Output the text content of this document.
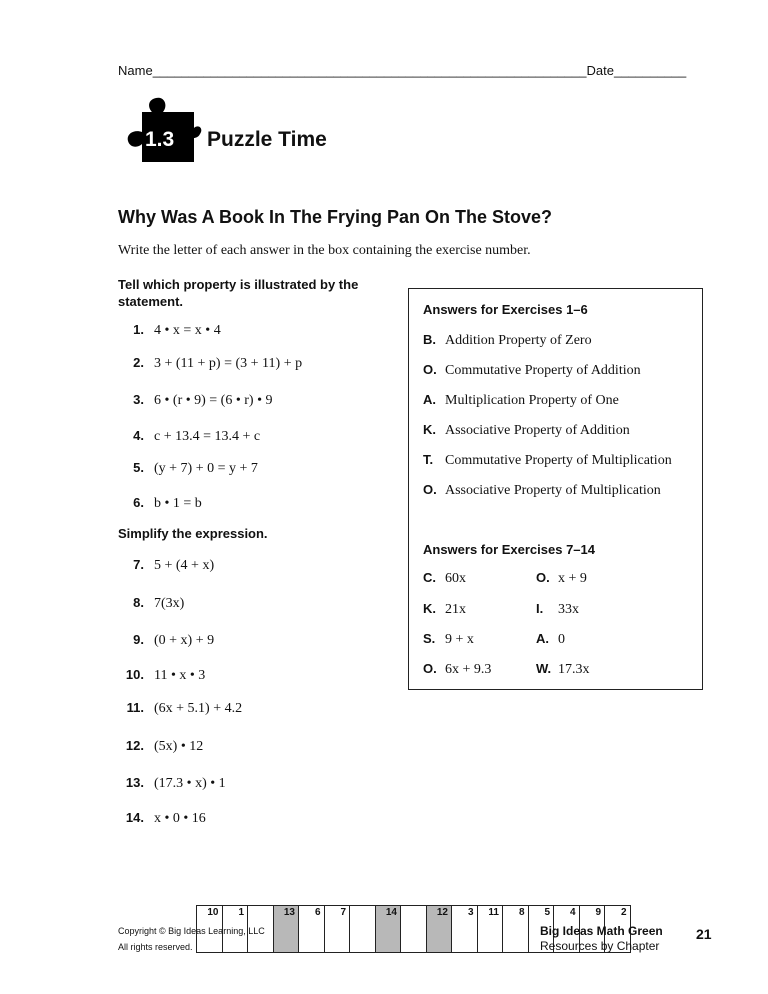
Name____________________________________________________________Date__________
1.3 Puzzle Time
Why Was A Book In The Frying Pan On The Stove?
Write the letter of each answer in the box containing the exercise number.
Tell which property is illustrated by the
statement.
1. 4 • x = x • 4
2. 3 + (11 + p) = (3 + 11) + p
3. 6 • (r • 9) = (6 • r) • 9
4. c + 13.4 = 13.4 + c
5. (y + 7) + 0 = y + 7
6. b • 1 = b
Simplify the expression.
7. 5 + (4 + x)
8. 7(3x)
9. (0 + x) + 9
10. 11 • x • 3
11. (6x + 5.1) + 4.2
12. (5x) • 12
13. (17.3 • x) • 1
14. x • 0 • 16
Answers for Exercises 1–6
B. Addition Property of Zero
O. Commutative Property of Addition
A. Multiplication Property of One
K. Associative Property of Addition
T. Commutative Property of Multiplication
O. Associative Property of Multiplication
Answers for Exercises 7–14
C. 60x	O. x + 9
K. 21x	I. 33x
S. 9 + x	A. 0
O. 6x + 9.3	W. 17.3x
10	1		13	6	7		14		12	3	11	8	5	4	9	2
Copyright © Big Ideas Learning, LLC
All rights reserved.
Big Ideas Math Green
Resources by Chapter
21
